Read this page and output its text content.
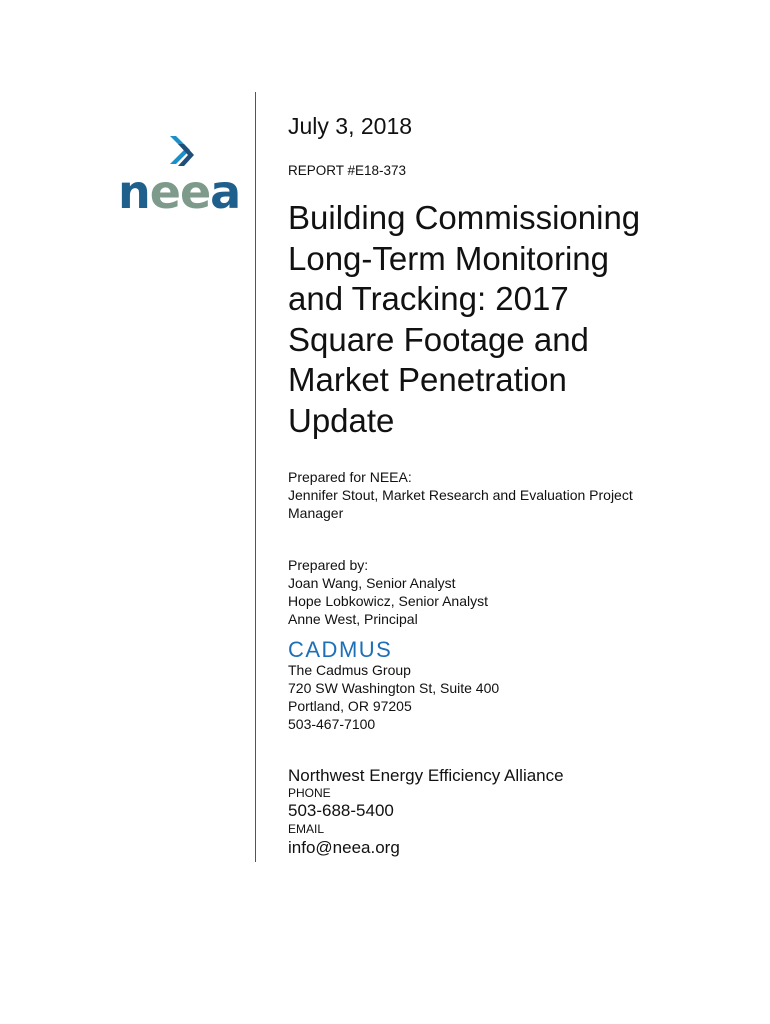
neea
July 3, 2018
REPORT #E18-373
Building Commissioning
Long-Term Monitoring
and Tracking: 2017
Square Footage and
Market Penetration
Update
Prepared for NEEA:
Jennifer Stout, Market Research and Evaluation Project
Manager
Prepared by:
Joan Wang, Senior Analyst
Hope Lobkowicz, Senior Analyst
Anne West, Principal
CADMUS
The Cadmus Group
720 SW Washington St, Suite 400
Portland, OR 97205
503-467-7100
Northwest Energy Efficiency Alliance
PHONE
503-688-5400
EMAIL
info@neea.org
